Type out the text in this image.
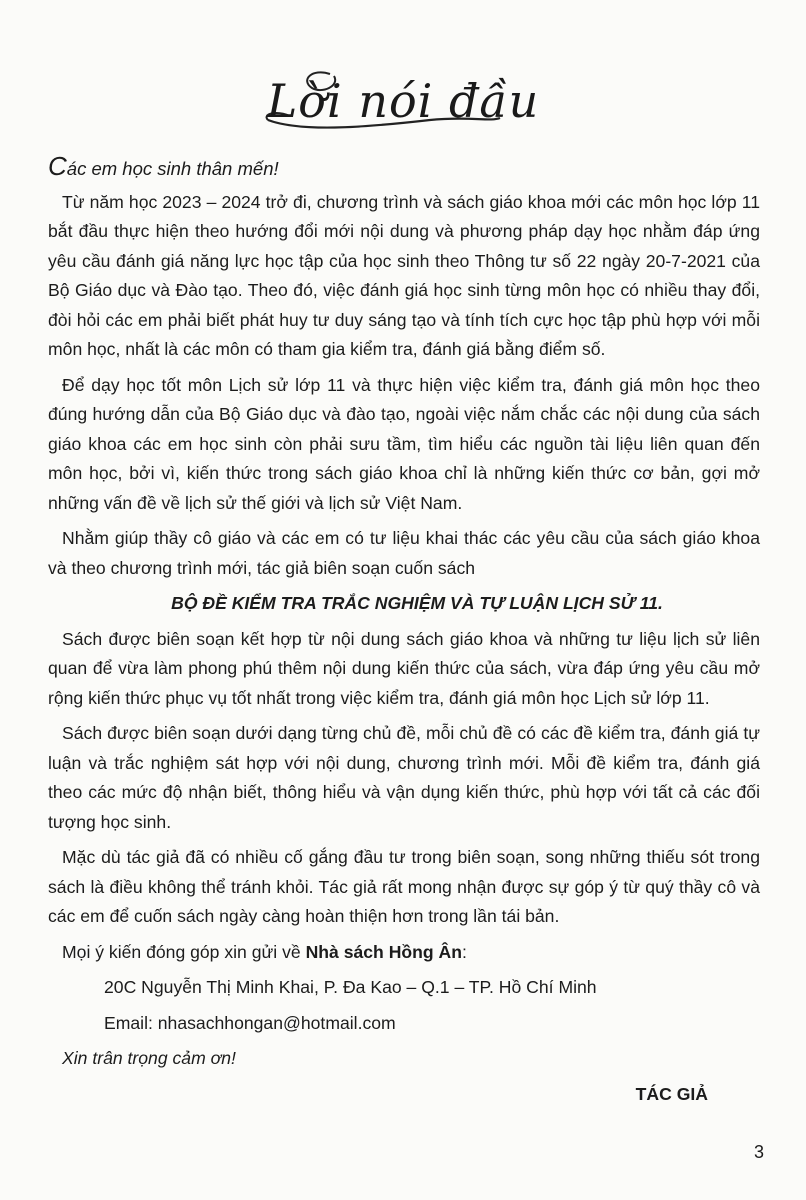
Lời nói đầu

Các em học sinh thân mến!

Từ năm học 2023 – 2024 trở đi, chương trình và sách giáo khoa mới các môn học lớp 11 bắt đầu thực hiện theo hướng đổi mới nội dung và phương pháp dạy học nhằm đáp ứng yêu cầu đánh giá năng lực học tập của học sinh theo Thông tư số 22 ngày 20-7-2021 của Bộ Giáo dục và Đào tạo. Theo đó, việc đánh giá học sinh từng môn học có nhiều thay đổi, đòi hỏi các em phải biết phát huy tư duy sáng tạo và tính tích cực học tập phù hợp với mỗi môn học, nhất là các môn có tham gia kiểm tra, đánh giá bằng điểm số.

Để dạy học tốt môn Lịch sử lớp 11 và thực hiện việc kiểm tra, đánh giá môn học theo đúng hướng dẫn của Bộ Giáo dục và đào tạo, ngoài việc nắm chắc các nội dung của sách giáo khoa các em học sinh còn phải sưu tầm, tìm hiểu các nguồn tài liệu liên quan đến môn học, bởi vì, kiến thức trong sách giáo khoa chỉ là những kiến thức cơ bản, gợi mở những vấn đề về lịch sử thế giới và lịch sử Việt Nam.

Nhằm giúp thầy cô giáo và các em có tư liệu khai thác các yêu cầu của sách giáo khoa và theo chương trình mới, tác giả biên soạn cuốn sách

BỘ ĐỀ KIỂM TRA TRẮC NGHIỆM VÀ TỰ LUẬN LỊCH SỬ 11.

Sách được biên soạn kết hợp từ nội dung sách giáo khoa và những tư liệu lịch sử liên quan để vừa làm phong phú thêm nội dung kiến thức của sách, vừa đáp ứng yêu cầu mở rộng kiến thức phục vụ tốt nhất trong việc kiểm tra, đánh giá môn học Lịch sử lớp 11.

Sách được biên soạn dưới dạng từng chủ đề, mỗi chủ đề có các đề kiểm tra, đánh giá tự luận và trắc nghiệm sát hợp với nội dung, chương trình mới. Mỗi đề kiểm tra, đánh giá theo các mức độ nhận biết, thông hiểu và vận dụng kiến thức, phù hợp với tất cả các đối tượng học sinh.

Mặc dù tác giả đã có nhiều cố gắng đầu tư trong biên soạn, song những thiếu sót trong sách là điều không thể tránh khỏi. Tác giả rất mong nhận được sự góp ý từ quý thầy cô và các em để cuốn sách ngày càng hoàn thiện hơn trong lần tái bản.

Mọi ý kiến đóng góp xin gửi về Nhà sách Hồng Ân:

20C Nguyễn Thị Minh Khai, P. Đa Kao – Q.1 – TP. Hồ Chí Minh

Email: nhasachhongan@hotmail.com

Xin trân trọng cảm ơn!

TÁC GIẢ

3
